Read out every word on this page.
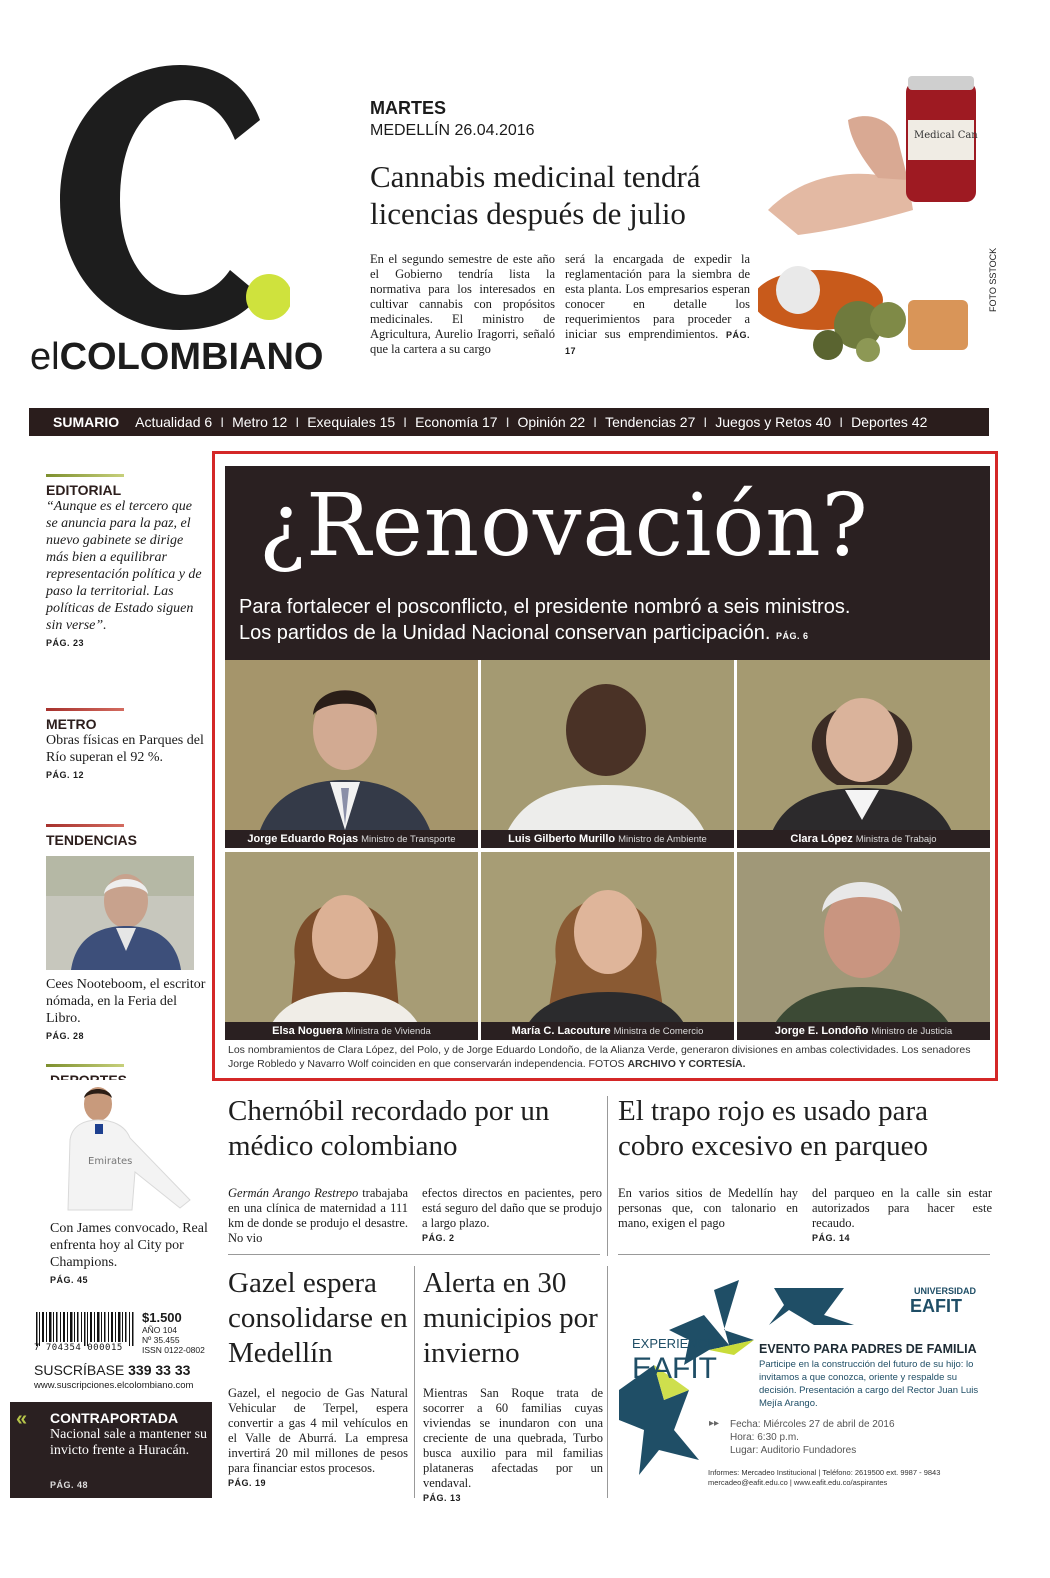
elCOLOMBIANO
MARTES
MEDELLÍN 26.04.2016
Cannabis medicinal tendrá licencias después de julio
En el segundo semestre de este año el Gobierno tendría lista la normativa para los interesados en cultivar cannabis con propósitos medicinales. El ministro de Agricultura, Aurelio Iragorri, señaló que la cartera a su cargo
será la encargada de expedir la reglamentación para la siembra de esta planta. Los empresarios esperan conocer en detalle los requerimientos para proceder a iniciar sus emprendimientos. PÁG. 17
Medical Can
FOTO SSTOCK
SUMARIO Actualidad 6 I Metro 12 I Exequiales 15 I Economía 17 I Opinión 22 I Tendencias 27 I Juegos y Retos 40 I Deportes 42
EDITORIAL
“Aunque es el tercero que se anuncia para la paz, el nuevo gabinete se dirige más bien a equilibrar representación política y de paso la territorial. Las políticas de Estado siguen sin verse”.
PÁG. 23
METRO
Obras físicas en Parques del Río superan el 92 %.
PÁG. 12
TENDENCIAS
Cees Nooteboom, el escritor nómada, en la Feria del Libro.
PÁG. 28
Emirates
Con James convocado, Real enfrenta hoy al City por Champions.
PÁG. 45
¿Renovación?
Para fortalecer el posconflicto, el presidente nombró a seis ministros.
Los partidos de la Unidad Nacional conservan participación. PÁG. 6
Jorge Eduardo Rojas Ministro de Transporte	Luis Gilberto Murillo Ministro de Ambiente	Clara López Ministra de Trabajo
Elsa Noguera Ministra de Vivienda	María C. Lacouture Ministra de Comercio	Jorge E. Londoño Ministro de Justicia
Los nombramientos de Clara López, del Polo, y de Jorge Eduardo Londoño, de la Alianza Verde, generaron divisiones en ambas colectividades. Los senadores Jorge Robledo y Navarro Wolf coinciden en que conservarán independencia. FOTOS ARCHIVO Y CORTESÍA.
Chernóbil recordado por un médico colombiano
Germán Arango Restrepo trabajaba en una clínica de maternidad a 111 km de donde se produjo el desastre. No vio
efectos directos en pacientes, pero está seguro del daño que se produjo a largo plazo.
PÁG. 2
El trapo rojo es usado para cobro excesivo en parqueo
En varios sitios de Medellín hay personas que, con talonario en mano, exigen el pago
del parqueo en la calle sin estar autorizados para hacer este recaudo.
PÁG. 14
Gazel espera consolidarse en Medellín
Gazel, el negocio de Gas Natural Vehicular de Terpel, espera convertir a gas 4 mil vehículos en el Valle de Aburrá. La empresa invertirá 20 mil millones de pesos para financiar estos procesos.
PÁG. 19
Alerta en 30 municipios por invierno
Mientras San Roque trata de socorrer a 60 familias cuyas viviendas se inundaron con una creciente de una quebrada, Turbo busca auxilio para mil familias plataneras afectadas por un vendaval.
PÁG. 13
7 704354 000015
$1.500
AÑO 104
Nº 35.455
ISSN 0122-0802
SUSCRÍBASE 339 33 33
www.suscripciones.elcolombiano.com
« CONTRAPORTADA
Nacional sale a mantener su invicto frente a Huracán.
PÁG. 48
UNIVERSIDAD
EAFIT
EXPERIENCIA
EAFIT
EVENTO PARA PADRES DE FAMILIA
Participe en la construcción del futuro de su hijo: lo invitamos a que conozca, oriente y respalde su decisión. Presentación a cargo del Rector Juan Luis Mejía Arango.
▸▸ Fecha: Miércoles 27 de abril de 2016
Hora: 6:30 p.m.
Lugar: Auditorio Fundadores
Informes: Mercadeo Institucional | Teléfono: 2619500 ext. 9987 - 9843
mercadeo@eafit.edu.co | www.eafit.edu.co/aspirantes
